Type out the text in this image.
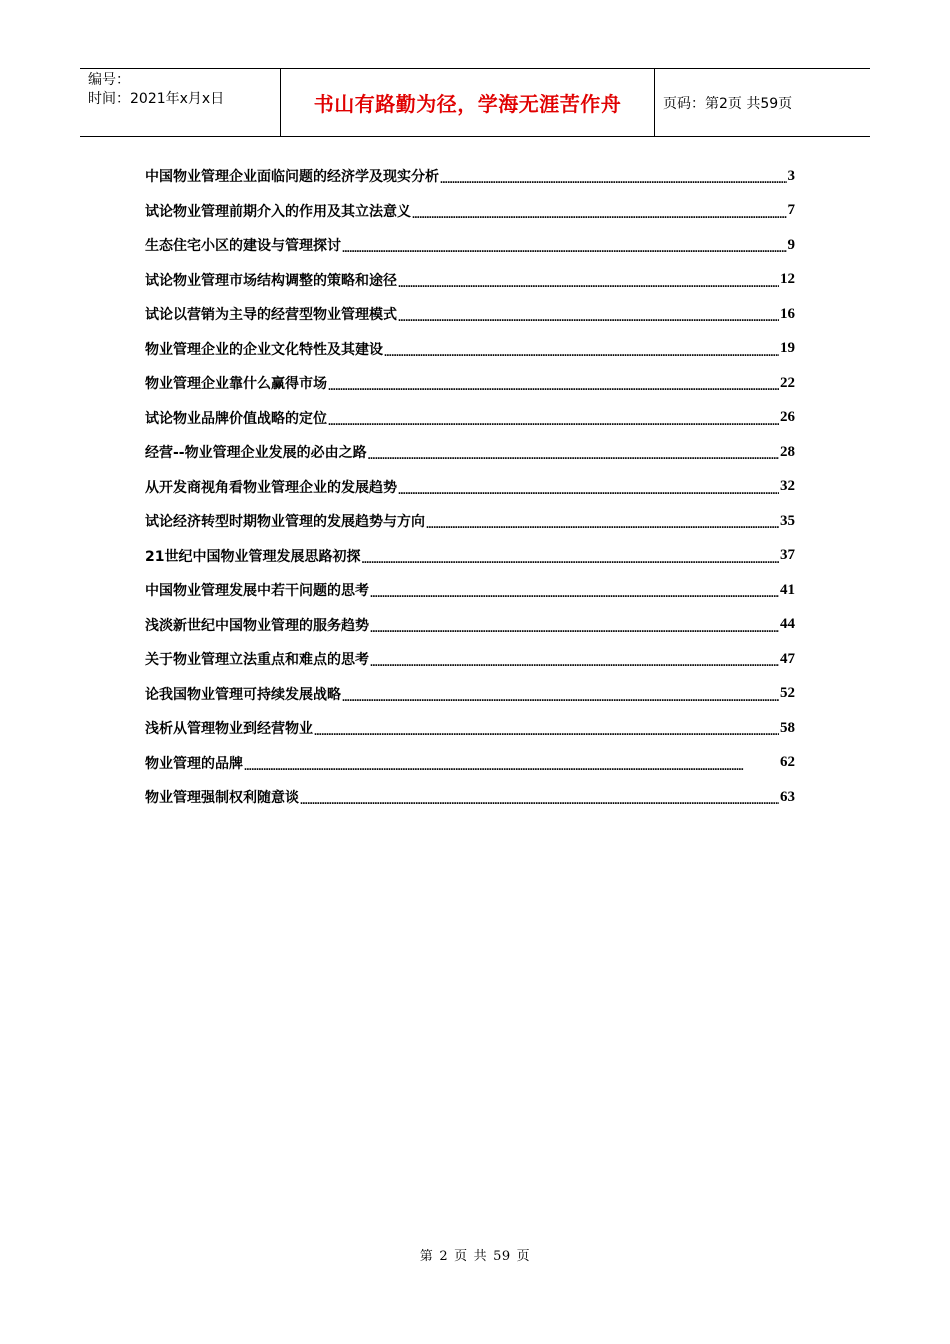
编号：
时间：2021年x月x日	书山有路勤为径，学海无涯苦作舟	页码：第2页 共59页
中国物业管理企业面临问题的经济学及现实分析 .....	3
试论物业管理前期介入的作用及其立法意义 .....	7
生态住宅小区的建设与管理探讨 .....	9
试论物业管理市场结构调整的策略和途径 .....	12
试论以营销为主导的经营型物业管理模式 .....	16
物业管理企业的企业文化特性及其建设 .....	19
物业管理企业靠什么赢得市场 .....	22
试论物业品牌价值战略的定位 .....	26
经营--物业管理企业发展的必由之路 .....	28
从开发商视角看物业管理企业的发展趋势 .....	32
试论经济转型时期物业管理的发展趋势与方向 .....	35
21世纪中国物业管理发展思路初探 .....	37
中国物业管理发展中若干问题的思考 .....	41
浅淡新世纪中国物业管理的服务趋势 .....	44
关于物业管理立法重点和难点的思考 .....	47
论我国物业管理可持续发展战略 .....	52
浅析从管理物业到经营物业 .....	58
物业管理的品牌 .....	62
物业管理强制权利随意谈 .....	63
第 2 页 共 59 页
